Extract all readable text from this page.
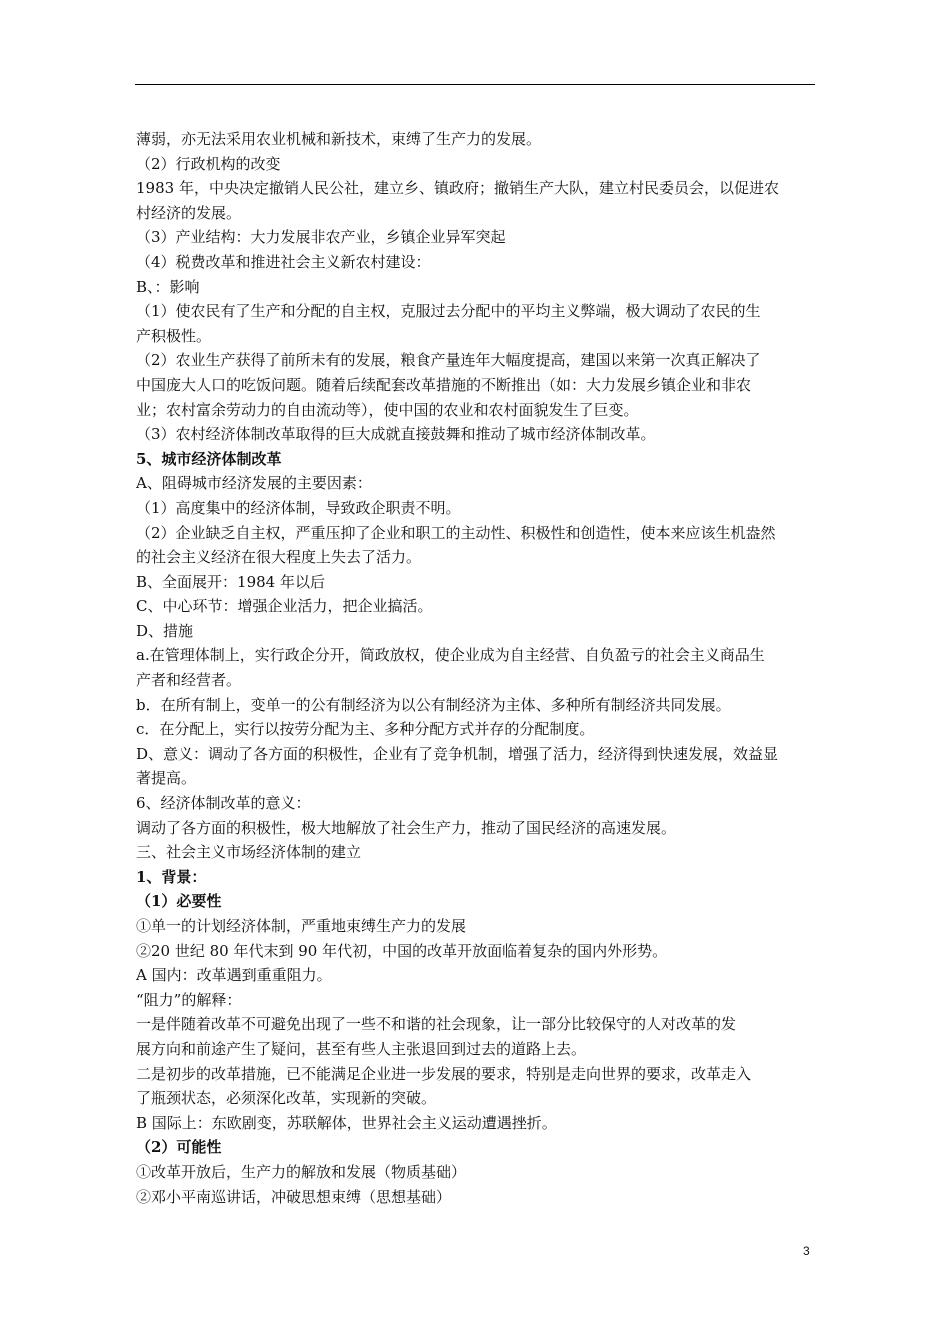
薄弱，亦无法采用农业机械和新技术，束缚了生产力的发展。
（2）行政机构的改变
1983 年，中央决定撤销人民公社，建立乡、镇政府；撤销生产大队，建立村民委员会，以促进农
村经济的发展。
（3）产业结构：大力发展非农产业，乡镇企业异军突起
（4）税费改革和推进社会主义新农村建设：
B、：影响
（1）使农民有了生产和分配的自主权，克服过去分配中的平均主义弊端，极大调动了农民的生
产积极性。
（2）农业生产获得了前所未有的发展，粮食产量连年大幅度提高，建国以来第一次真正解决了
中国庞大人口的吃饭问题。随着后续配套改革措施的不断推出（如：大力发展乡镇企业和非农
业；农村富余劳动力的自由流动等），使中国的农业和农村面貌发生了巨变。
（3）农村经济体制改革取得的巨大成就直接鼓舞和推动了城市经济体制改革。
5、城市经济体制改革
A、阻碍城市经济发展的主要因素：
（1）高度集中的经济体制，导致政企职责不明。
（2）企业缺乏自主权，严重压抑了企业和职工的主动性、积极性和创造性，使本来应该生机盎然
的社会主义经济在很大程度上失去了活力。
B、全面展开：1984 年以后
C、中心环节：增强企业活力，把企业搞活。
D、措施
a.在管理体制上，实行政企分开，简政放权，使企业成为自主经营、自负盈亏的社会主义商品生
产者和经营者。
b．在所有制上，变单一的公有制经济为以公有制经济为主体、多种所有制经济共同发展。
c．在分配上，实行以按劳分配为主、多种分配方式并存的分配制度。
D、意义：调动了各方面的积极性，企业有了竞争机制，增强了活力，经济得到快速发展，效益显
著提高。
6、经济体制改革的意义：
调动了各方面的积极性，极大地解放了社会生产力，推动了国民经济的高速发展。
三、社会主义市场经济体制的建立
1、背景：
（1）必要性
①单一的计划经济体制，严重地束缚生产力的发展
②20 世纪 80 年代末到 90 年代初，中国的改革开放面临着复杂的国内外形势。
A 国内：改革遇到重重阻力。
“阻力”的解释：
一是伴随着改革不可避免出现了一些不和谐的社会现象，让一部分比较保守的人对改革的发
展方向和前途产生了疑问，甚至有些人主张退回到过去的道路上去。
二是初步的改革措施，已不能满足企业进一步发展的要求，特别是走向世界的要求，改革走入
了瓶颈状态，必须深化改革，实现新的突破。
B 国际上：东欧剧变，苏联解体，世界社会主义运动遭遇挫折。
（2）可能性
①改革开放后，生产力的解放和发展（物质基础）
②邓小平南巡讲话，冲破思想束缚（思想基础）
3
